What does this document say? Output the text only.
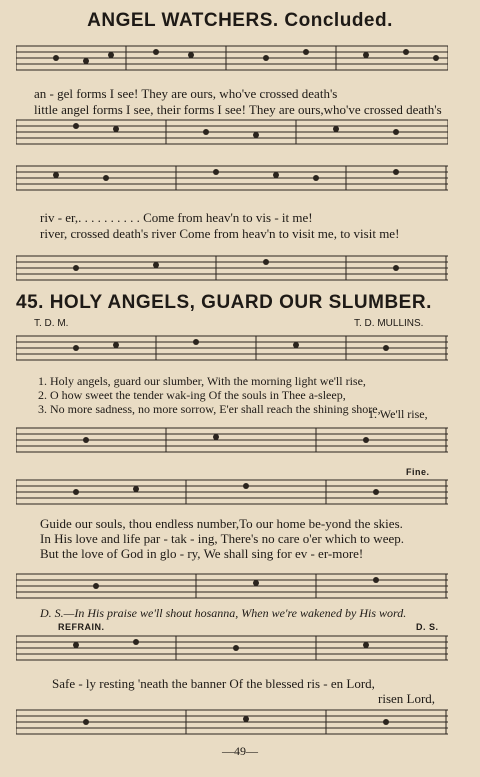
ANGEL WATCHERS. Concluded.
an - gel forms I see! They are ours, who've crossed death's
little angel forms I see, their forms I see! They are ours,who've crossed death's
riv - er,. . . . . . . . . . Come from heav'n to vis - it me!
river, crossed death's river Come from heav'n to visit me, to visit me!
45. HOLY ANGELS, GUARD OUR SLUMBER.
T. D. M.	T. D. MULLINS.
1. Holy angels, guard our slumber, With the morning light we'll rise,
2. O how sweet the tender wak-ing Of the souls in Thee a-sleep,
3. No more sadness, no more sorrow, E'er shall reach the shining shore,
1. We'll rise,
Fine.
Guide our souls, thou endless number,To our home be-yond the skies.
In His love and life par - tak - ing, There's no care o'er which to weep.
But the love of God in glo - ry, We shall sing for ev - er-more!
D. S.—In His praise we'll shout hosanna, When we're wakened by His word.
REFRAIN.	D. S.
Safe - ly resting 'neath the banner Of the blessed ris - en Lord,
risen Lord,
—49—
